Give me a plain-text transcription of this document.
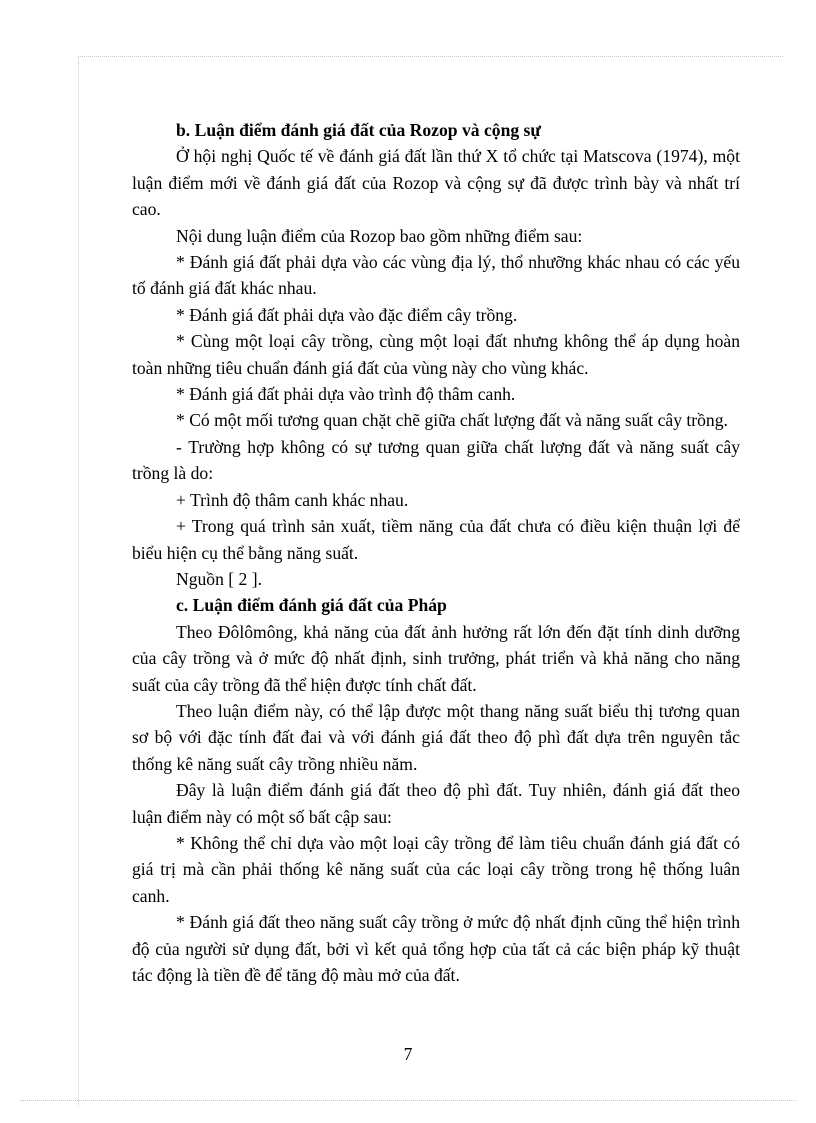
b. Luận điểm đánh giá đất của Rozop và cộng sự

Ở hội nghị Quốc tế về đánh giá đất lần thứ X tổ chức tại Matscova (1974), một luận điểm mới về đánh giá đất của Rozop và cộng sự đã được trình bày và nhất trí cao.

Nội dung luận điểm của Rozop bao gồm những điểm sau:

* Đánh giá đất phải dựa vào các vùng địa lý, thổ nhưỡng khác nhau có các yếu tố đánh giá đất khác nhau.

* Đánh giá đất phải dựa vào đặc điểm cây trồng.

* Cùng một loại cây trồng, cùng một loại đất nhưng không thể áp dụng hoàn toàn những tiêu chuẩn đánh giá đất của vùng này cho vùng khác.

* Đánh giá đất phải dựa vào trình độ thâm canh.

* Có một mối tương quan chặt chẽ giữa chất lượng đất và năng suất cây trồng.

- Trường hợp không có sự tương quan giữa chất lượng đất và năng suất cây trồng là do:

+ Trình độ thâm canh khác nhau.

+ Trong quá trình sản xuất, tiềm năng của đất chưa có điều kiện thuận lợi để biểu hiện cụ thể bằng năng suất.

Nguồn [ 2 ].

c. Luận điểm đánh giá đất của Pháp

Theo Đôlômông, khả năng của đất ảnh hưởng rất lớn đến đặt tính dinh dưỡng của cây trồng và ở mức độ nhất định, sinh trưởng, phát triển và khả năng cho năng suất của cây trồng đã thể hiện được tính chất đất.

Theo luận điểm này, có thể lập được một thang năng suất biểu thị tương quan sơ bộ với đặc tính đất đai và với đánh giá đất theo độ phì đất dựa trên nguyên tắc thống kê năng suất cây trồng nhiều năm.

Đây là luận điểm đánh giá đất theo độ phì đất. Tuy nhiên, đánh giá đất theo luận điểm này có một số bất cập sau:

* Không thể chỉ dựa vào một loại cây trồng để làm tiêu chuẩn đánh giá đất có giá trị mà cần phải thống kê năng suất của các loại cây trồng trong hệ thống luân canh.

* Đánh giá đất theo năng suất cây trồng ở mức độ nhất định cũng thể hiện trình độ của người sử dụng đất, bởi vì kết quả tổng hợp của tất cả các biện pháp kỹ thuật tác động là tiền đề để tăng độ màu mở của đất.

7
